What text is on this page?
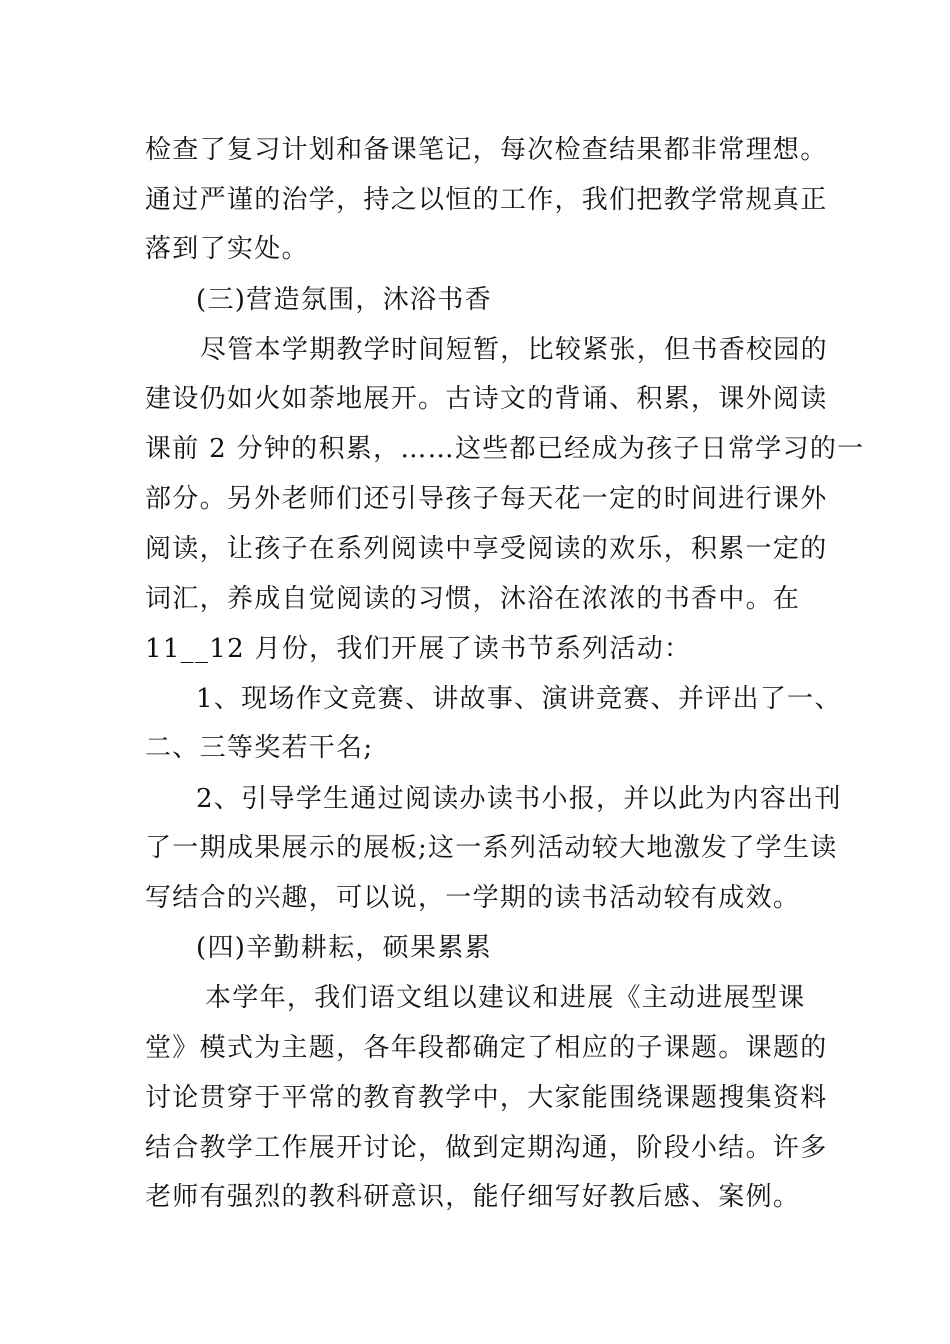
检查了复习计划和备课笔记，每次检查结果都非常理想。
通过严谨的治学，持之以恒的工作，我们把教学常规真正
落到了实处。
(三)营造氛围，沐浴书香
尽管本学期教学时间短暂，比较紧张，但书香校园的
建设仍如火如荼地展开。古诗文的背诵、积累，课外阅读
课前 2 分钟的积累，……这些都已经成为孩子日常学习的一
部分。另外老师们还引导孩子每天花一定的时间进行课外
阅读，让孩子在系列阅读中享受阅读的欢乐，积累一定的
词汇，养成自觉阅读的习惯，沐浴在浓浓的书香中。在
11__12 月份，我们开展了读书节系列活动：
1、现场作文竞赛、讲故事、演讲竞赛、并评出了一、
二、三等奖若干名;
2、引导学生通过阅读办读书小报，并以此为内容出刊
了一期成果展示的展板;这一系列活动较大地激发了学生读
写结合的兴趣，可以说，一学期的读书活动较有成效。
(四)辛勤耕耘，硕果累累
本学年，我们语文组以建议和进展《主动进展型课
堂》模式为主题，各年段都确定了相应的子课题。课题的
讨论贯穿于平常的教育教学中，大家能围绕课题搜集资料
结合教学工作展开讨论，做到定期沟通，阶段小结。许多
老师有强烈的教科研意识，能仔细写好教后感、案例。
